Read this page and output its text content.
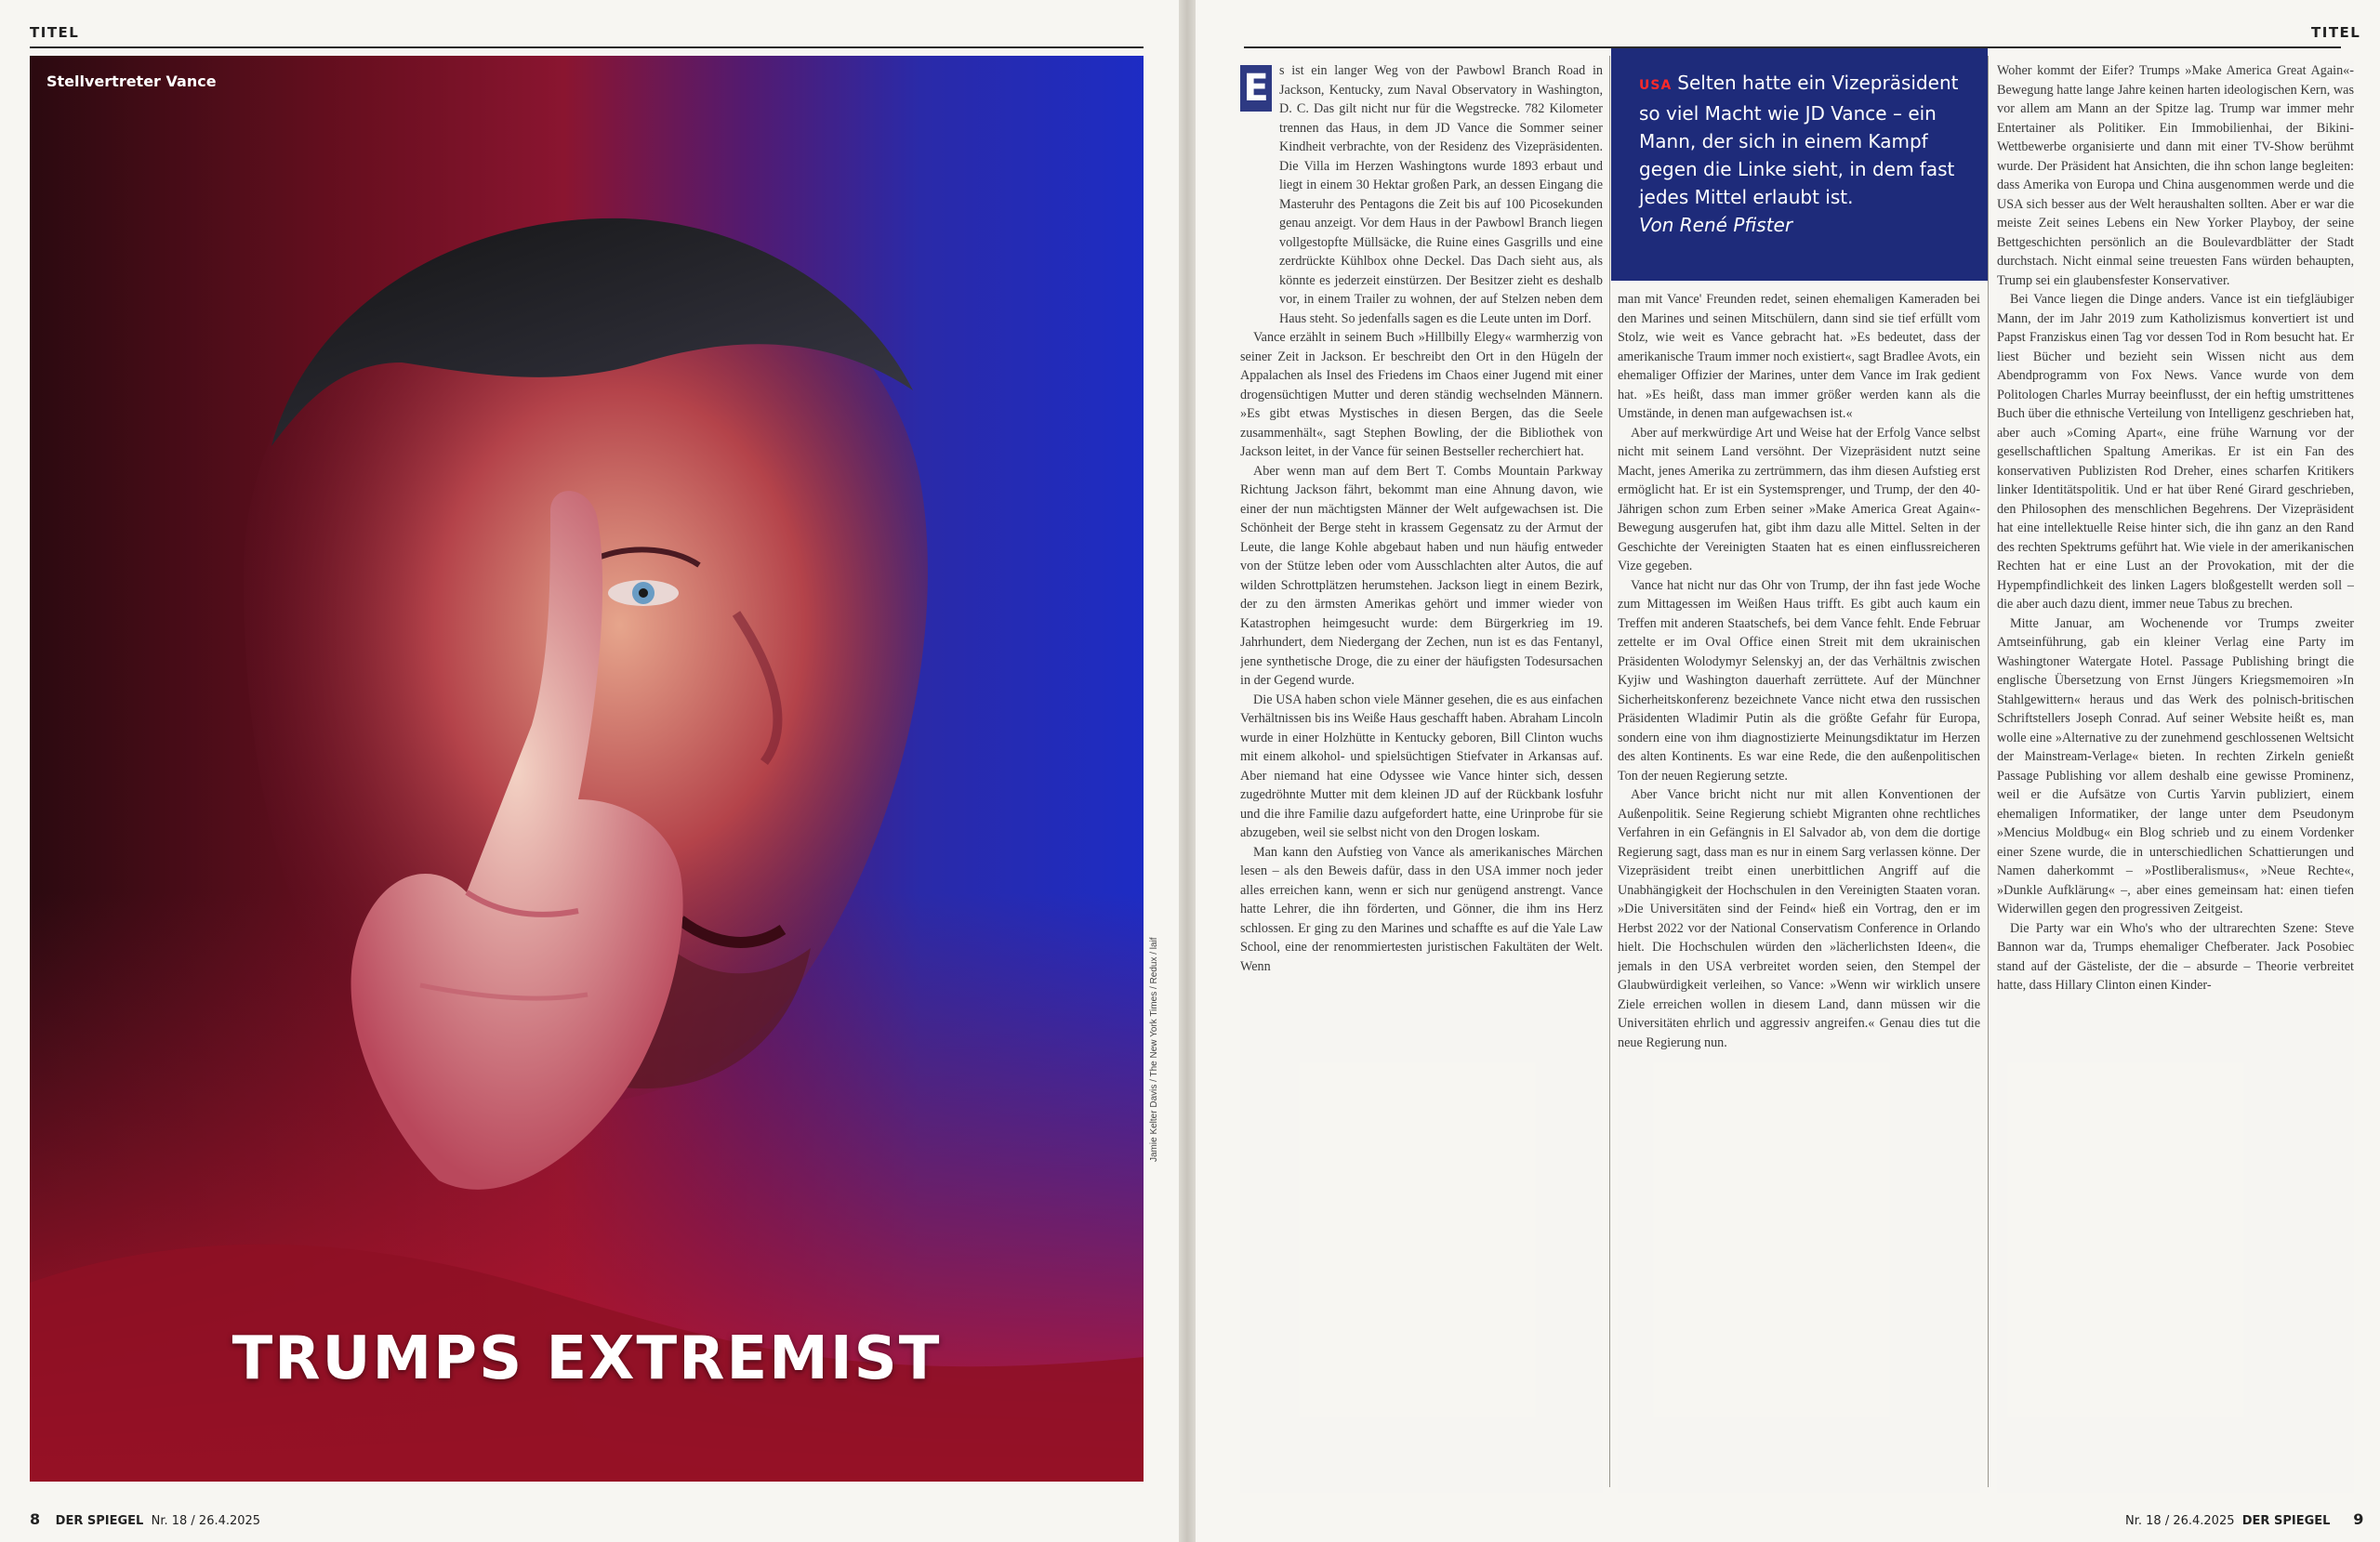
TITEL
Stellvertreter Vance
TRUMPS EXTREMIST
Jamie Kelter Davis / The New York Times / Redux / laif
8 DER SPIEGEL Nr. 18 / 26.4.2025
TITEL
Nr. 18 / 26.4.2025 DER SPIEGEL 9
E s ist ein langer Weg von der Pawbowl Branch Road in Jackson, Kentucky, zum Naval Observatory in Washington, D. C. Das gilt nicht nur für die Wegstrecke. 782 Kilometer trennen das Haus, in dem JD Vance die Sommer seiner Kindheit verbrachte, von der Residenz des Vizepräsidenten. Die Villa im Herzen Washingtons wurde 1893 erbaut und liegt in einem 30 Hektar großen Park, an dessen Eingang die Masteruhr des Pentagons die Zeit bis auf 100 Picosekunden genau anzeigt. Vor dem Haus in der Pawbowl Branch liegen vollgestopfte Müllsäcke, die Ruine eines Gasgrills und eine zerdrückte Kühlbox ohne Deckel. Das Dach sieht aus, als könnte es jederzeit einstürzen. Der Besitzer zieht es deshalb vor, in einem Trailer zu wohnen, der auf Stelzen neben dem Haus steht. So jedenfalls sagen es die Leute unten im Dorf.

Vance erzählt in seinem Buch »Hillbilly Elegy« warmherzig von seiner Zeit in Jackson. Er beschreibt den Ort in den Hügeln der Appalachen als Insel des Friedens im Chaos einer Jugend mit einer drogensüchtigen Mutter und deren ständig wechselnden Männern. »Es gibt etwas Mystisches in diesen Bergen, das die Seele zusammenhält«, sagt Stephen Bowling, der die Bibliothek von Jackson leitet, in der Vance für seinen Bestseller recherchiert hat.

Aber wenn man auf dem Bert T. Combs Mountain Parkway Richtung Jackson fährt, bekommt man eine Ahnung davon, wie einer der nun mächtigsten Männer der Welt aufgewachsen ist. Die Schönheit der Berge steht in krassem Gegensatz zu der Armut der Leute, die lange Kohle abgebaut haben und nun häufig entweder von der Stütze leben oder vom Ausschlachten alter Autos, die auf wilden Schrottplätzen herumstehen. Jackson liegt in einem Bezirk, der zu den ärmsten Amerikas gehört und immer wieder von Katastrophen heimgesucht wurde: dem Bürgerkrieg im 19. Jahrhundert, dem Niedergang der Zechen, nun ist es das Fentanyl, jene synthetische Droge, die zu einer der häufigsten Todesursachen in der Gegend wurde.

Die USA haben schon viele Männer gesehen, die es aus einfachen Verhältnissen bis ins Weiße Haus geschafft haben. Abraham Lincoln wurde in einer Holzhütte in Kentucky geboren, Bill Clinton wuchs mit einem alkohol- und spielsüchtigen Stiefvater in Arkansas auf. Aber niemand hat eine Odyssee wie Vance hinter sich, dessen zugedröhnte Mutter mit dem kleinen JD auf der Rückbank losfuhr und die ihre Familie dazu aufgefordert hatte, eine Urinprobe für sie abzugeben, weil sie selbst nicht von den Drogen loskam.

Man kann den Aufstieg von Vance als amerikanisches Märchen lesen – als den Beweis dafür, dass in den USA immer noch jeder alles erreichen kann, wenn er sich nur genügend anstrengt. Vance hatte Lehrer, die ihn förderten, und Gönner, die ihm ins Herz schlossen. Er ging zu den Marines und schaffte es auf die Yale Law School, eine der renommiertesten juristischen Fakultäten der Welt. Wenn

USA Selten hatte ein Vizepräsident so viel Macht wie JD Vance – ein Mann, der sich in einem Kampf gegen die Linke sieht, in dem fast jedes Mittel erlaubt ist.
Von René Pfister

man mit Vance' Freunden redet, seinen ehemaligen Kameraden bei den Marines und seinen Mitschülern, dann sind sie tief erfüllt vom Stolz, wie weit es Vance gebracht hat. »Es bedeutet, dass der amerikanische Traum immer noch existiert«, sagt Bradlee Avots, ein ehemaliger Offizier der Marines, unter dem Vance im Irak gedient hat. »Es heißt, dass man immer größer werden kann als die Umstände, in denen man aufgewachsen ist.«

Aber auf merkwürdige Art und Weise hat der Erfolg Vance selbst nicht mit seinem Land versöhnt. Der Vizepräsident nutzt seine Macht, jenes Amerika zu zertrümmern, das ihm diesen Aufstieg erst ermöglicht hat. Er ist ein Systemsprenger, und Trump, der den 40-Jährigen schon zum Erben seiner »Make America Great Again«-Bewegung ausgerufen hat, gibt ihm dazu alle Mittel. Selten in der Geschichte der Vereinigten Staaten hat es einen einflussreicheren Vize gegeben.

Vance hat nicht nur das Ohr von Trump, der ihn fast jede Woche zum Mittagessen im Weißen Haus trifft. Es gibt auch kaum ein Treffen mit anderen Staatschefs, bei dem Vance fehlt. Ende Februar zettelte er im Oval Office einen Streit mit dem ukrainischen Präsidenten Wolodymyr Selenskyj an, der das Verhältnis zwischen Kyjiw und Washington dauerhaft zerrüttete. Auf der Münchner Sicherheitskonferenz bezeichnete Vance nicht etwa den russischen Präsidenten Wladimir Putin als die größte Gefahr für Europa, sondern eine von ihm diagnostizierte Meinungsdiktatur im Herzen des alten Kontinents. Es war eine Rede, die den außenpolitischen Ton der neuen Regierung setzte.

Aber Vance bricht nicht nur mit allen Konventionen der Außenpolitik. Seine Regierung schiebt Migranten ohne rechtliches Verfahren in ein Gefängnis in El Salvador ab, von dem die dortige Regierung sagt, dass man es nur in einem Sarg verlassen könne. Der Vizepräsident treibt einen unerbittlichen Angriff auf die Unabhängigkeit der Hochschulen in den Vereinigten Staaten voran. »Die Universitäten sind der Feind« hieß ein Vortrag, den er im Herbst 2022 vor der National Conservatism Conference in Orlando hielt. Die Hochschulen würden den »lächerlichsten Ideen«, die jemals in den USA verbreitet worden seien, den Stempel der Glaubwürdigkeit verleihen, so Vance: »Wenn wir wirklich unsere Ziele erreichen wollen in diesem Land, dann müssen wir die Universitäten ehrlich und aggressiv angreifen.« Genau dies tut die neue Regierung nun.

Woher kommt der Eifer? Trumps »Make America Great Again«-Bewegung hatte lange Jahre keinen harten ideologischen Kern, was vor allem am Mann an der Spitze lag. Trump war immer mehr Entertainer als Politiker. Ein Immobilienhai, der Bikini-Wettbewerbe organisierte und dann mit einer TV-Show berühmt wurde. Der Präsident hat Ansichten, die ihn schon lange begleiten: dass Amerika von Europa und China ausgenommen werde und die USA sich besser aus der Welt heraushalten sollten. Aber er war die meiste Zeit seines Lebens ein New Yorker Playboy, der seine Bettgeschichten persönlich an die Boulevardblätter der Stadt durchstach. Nicht einmal seine treuesten Fans würden behaupten, Trump sei ein glaubensfester Konservativer.

Bei Vance liegen die Dinge anders. Vance ist ein tiefgläubiger Mann, der im Jahr 2019 zum Katholizismus konvertiert ist und Papst Franziskus einen Tag vor dessen Tod in Rom besucht hat. Er liest Bücher und bezieht sein Wissen nicht aus dem Abendprogramm von Fox News. Vance wurde von dem Politologen Charles Murray beeinflusst, der ein heftig umstrittenes Buch über die ethnische Verteilung von Intelligenz geschrieben hat, aber auch »Coming Apart«, eine frühe Warnung vor der gesellschaftlichen Spaltung Amerikas. Er ist ein Fan des konservativen Publizisten Rod Dreher, eines scharfen Kritikers linker Identitätspolitik. Und er hat über René Girard geschrieben, den Philosophen des menschlichen Begehrens. Der Vizepräsident hat eine intellektuelle Reise hinter sich, die ihn ganz an den Rand des rechten Spektrums geführt hat. Wie viele in der amerikanischen Rechten hat er eine Lust an der Provokation, mit der die Hypempfindlichkeit des linken Lagers bloßgestellt werden soll – die aber auch dazu dient, immer neue Tabus zu brechen.

Mitte Januar, am Wochenende vor Trumps zweiter Amtseinführung, gab ein kleiner Verlag eine Party im Washingtoner Watergate Hotel. Passage Publishing bringt die englische Übersetzung von Ernst Jüngers Kriegsmemoiren »In Stahlgewittern« heraus und das Werk des polnisch-britischen Schriftstellers Joseph Conrad. Auf seiner Website heißt es, man wolle eine »Alternative zu der zunehmend geschlossenen Weltsicht der Mainstream-Verlage« bieten. In rechten Zirkeln genießt Passage Publishing vor allem deshalb eine gewisse Prominenz, weil er die Aufsätze von Curtis Yarvin publiziert, einem ehemaligen Informatiker, der lange unter dem Pseudonym »Mencius Moldbug« ein Blog schrieb und zu einem Vordenker einer Szene wurde, die in unterschiedlichen Schattierungen und Namen daherkommt – »Postliberalismus«, »Neue Rechte«, »Dunkle Aufklärung« –, aber eines gemeinsam hat: einen tiefen Widerwillen gegen den progressiven Zeitgeist.

Die Party war ein Who's who der ultrarechten Szene: Steve Bannon war da, Trumps ehemaliger Chefberater. Jack Posobiec stand auf der Gästeliste, der die – absurde – Theorie verbreitet hatte, dass Hillary Clinton einen Kinder-
